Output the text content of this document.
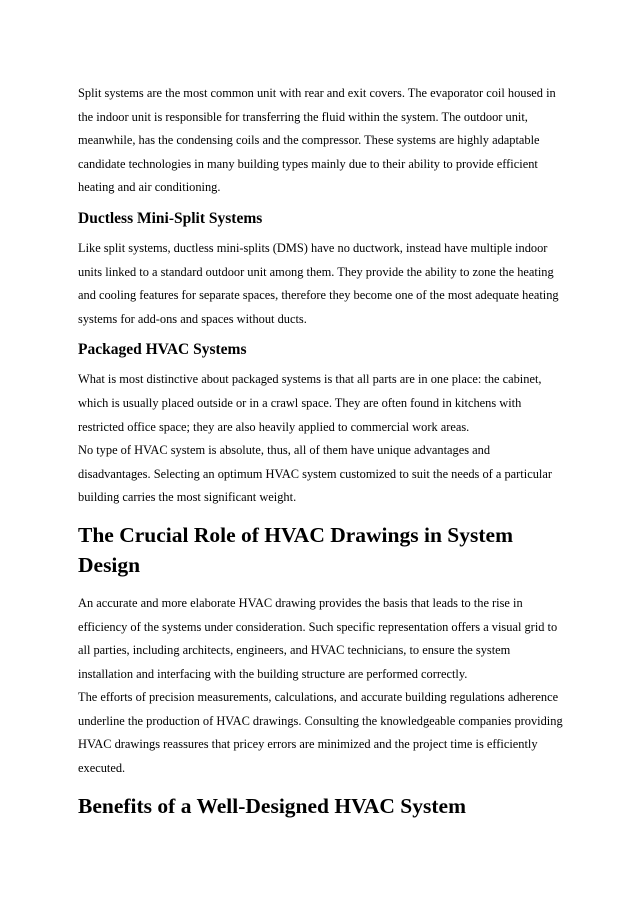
Split systems are the most common unit with rear and exit covers. The evaporator coil housed in the indoor unit is responsible for transferring the fluid within the system. The outdoor unit, meanwhile, has the condensing coils and the compressor. These systems are highly adaptable candidate technologies in many building types mainly due to their ability to provide efficient heating and air conditioning.

Ductless Mini-Split Systems

Like split systems, ductless mini-splits (DMS) have no ductwork, instead have multiple indoor units linked to a standard outdoor unit among them. They provide the ability to zone the heating and cooling features for separate spaces, therefore they become one of the most adequate heating systems for add-ons and spaces without ducts.

Packaged HVAC Systems

What is most distinctive about packaged systems is that all parts are in one place: the cabinet, which is usually placed outside or in a crawl space. They are often found in kitchens with restricted office space; they are also heavily applied to commercial work areas.

No type of HVAC system is absolute, thus, all of them have unique advantages and disadvantages. Selecting an optimum HVAC system customized to suit the needs of a particular building carries the most significant weight.

The Crucial Role of HVAC Drawings in System Design

An accurate and more elaborate HVAC drawing provides the basis that leads to the rise in efficiency of the systems under consideration. Such specific representation offers a visual grid to all parties, including architects, engineers, and HVAC technicians, to ensure the system installation and interfacing with the building structure are performed correctly.

The efforts of precision measurements, calculations, and accurate building regulations adherence underline the production of HVAC drawings. Consulting the knowledgeable companies providing HVAC drawings reassures that pricey errors are minimized and the project time is efficiently executed.

Benefits of a Well-Designed HVAC System
